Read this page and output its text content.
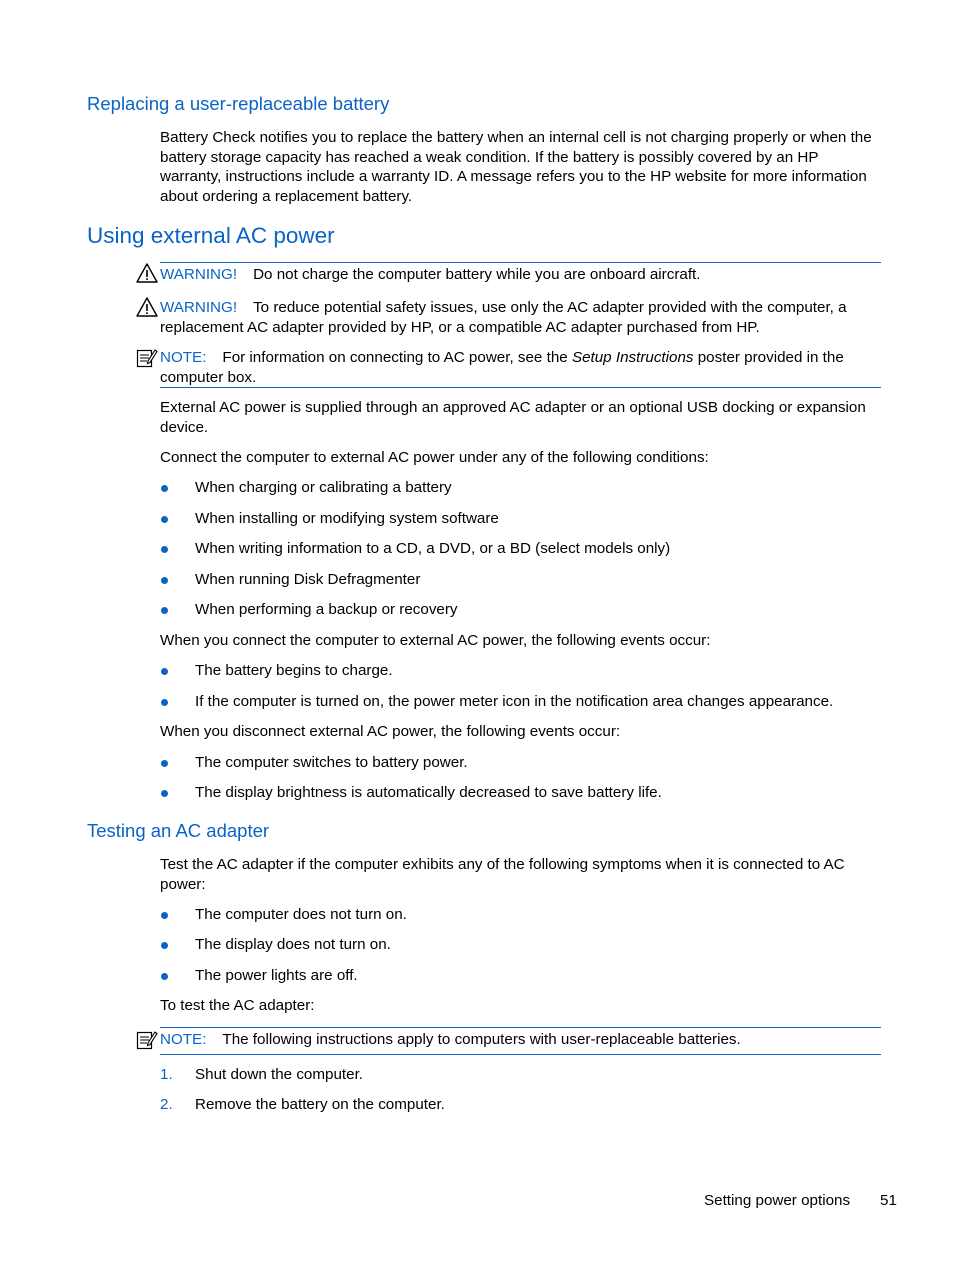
Replacing a user-replaceable battery
Battery Check notifies you to replace the battery when an internal cell is not charging properly or when the battery storage capacity has reached a weak condition. If the battery is possibly covered by an HP warranty, instructions include a warranty ID. A message refers you to the HP website for more information about ordering a replacement battery.
Using external AC power
WARNING! Do not charge the computer battery while you are onboard aircraft.
WARNING! To reduce potential safety issues, use only the AC adapter provided with the computer, a replacement AC adapter provided by HP, or a compatible AC adapter purchased from HP.
NOTE: For information on connecting to AC power, see the Setup Instructions poster provided in the computer box.
External AC power is supplied through an approved AC adapter or an optional USB docking or expansion device.
Connect the computer to external AC power under any of the following conditions:
When charging or calibrating a battery
When installing or modifying system software
When writing information to a CD, a DVD, or a BD (select models only)
When running Disk Defragmenter
When performing a backup or recovery
When you connect the computer to external AC power, the following events occur:
The battery begins to charge.
If the computer is turned on, the power meter icon in the notification area changes appearance.
When you disconnect external AC power, the following events occur:
The computer switches to battery power.
The display brightness is automatically decreased to save battery life.
Testing an AC adapter
Test the AC adapter if the computer exhibits any of the following symptoms when it is connected to AC power:
The computer does not turn on.
The display does not turn on.
The power lights are off.
To test the AC adapter:
NOTE: The following instructions apply to computers with user-replaceable batteries.
1. Shut down the computer.
2. Remove the battery on the computer.
Setting power options 51
